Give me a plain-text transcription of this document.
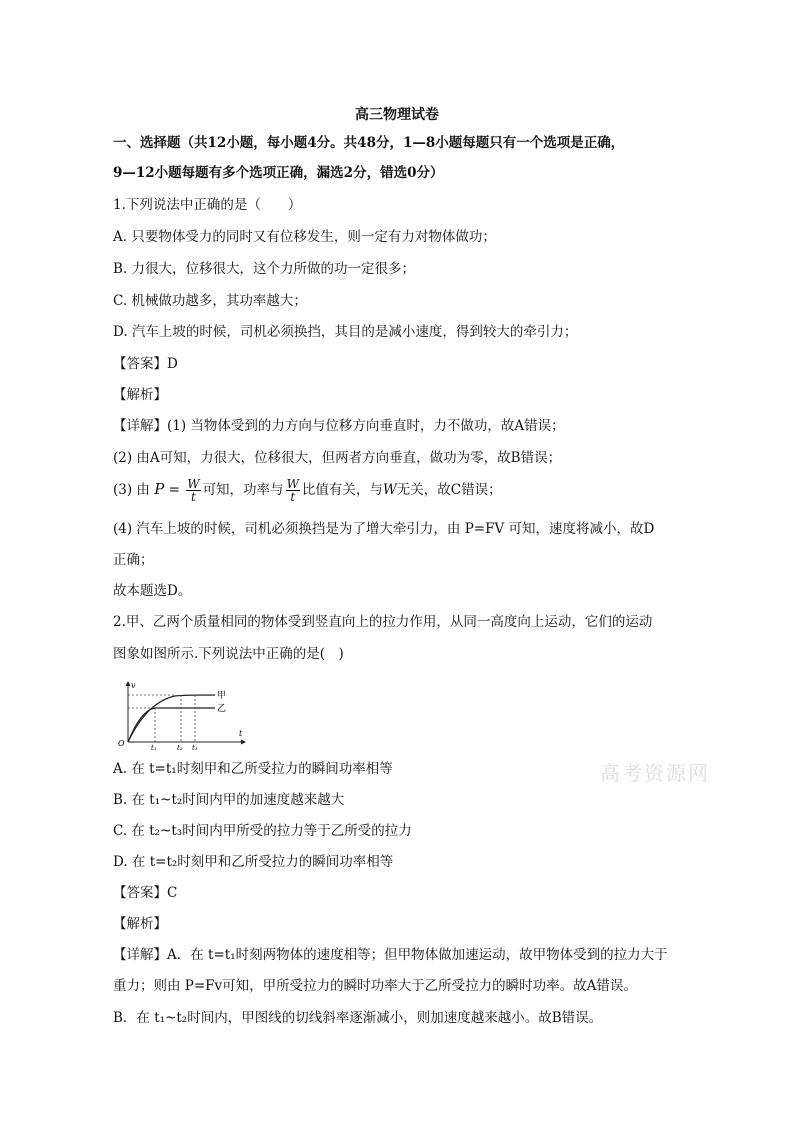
高三物理试卷
一、选择题（共12小题，每小题4分。共48分，1—8小题每题只有一个选项是正确，
9—12小题每题有多个选项正确，漏选2分，错选0分）
1.下列说法中正确的是（　　）
A. 只要物体受力的同时又有位移发生，则一定有力对物体做功；
B. 力很大，位移很大，这个力所做的功一定很多；
C. 机械做功越多，其功率越大；
D. 汽车上坡的时候，司机必须换挡，其目的是减小速度，得到较大的牵引力；
【答案】D
【解析】
【详解】(1) 当物体受到的力方向与位移方向垂直时，力不做功，故A错误；
(2) 由A可知，力很大，位移很大，但两者方向垂直，做功为零，故B错误；
(3) 由 $P = \frac{W}{t}$ 可知，功率与 $\frac{W}{t}$ 比值有关，与W无关，故C错误；
(4) 汽车上坡的时候，司机必须换挡是为了增大牵引力，由 P=FV 可知，速度将减小，故D
正确；
故本题选D。
2.甲、乙两个质量相同的物体受到竖直向上的拉力作用，从同一高度向上运动，它们的运动
图象如图所示.下列说法中正确的是(　)
v
O
t
t₁	t₂ t₃
甲
乙
A. 在 t=t₁时刻甲和乙所受拉力的瞬间功率相等
B. 在 t₁~t₂时间内甲的加速度越来越大
C. 在 t₂~t₃时间内甲所受的拉力等于乙所受的拉力
D. 在 t=t₂时刻甲和乙所受拉力的瞬间功率相等
【答案】C
【解析】
【详解】A．在 t=t₁时刻两物体的速度相等；但甲物体做加速运动，故甲物体受到的拉力大于
重力；则由 P=Fv可知，甲所受拉力的瞬时功率大于乙所受拉力的瞬时功率。故A错误。
B．在 t₁~t₂时间内，甲图线的切线斜率逐渐减小，则加速度越来越小。故B错误。
高考资源网
